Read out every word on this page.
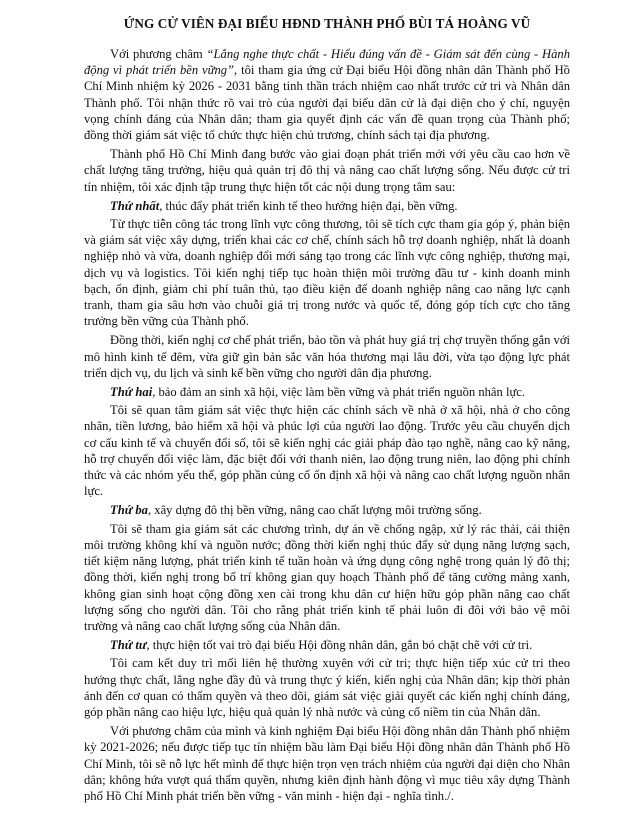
ỨNG CỬ VIÊN ĐẠI BIỂU HĐND THÀNH PHỐ BÙI TÁ HOÀNG VŨ

Với phương châm “Lắng nghe thực chất - Hiểu đúng vấn đề - Giám sát đến cùng - Hành động vì phát triển bền vững”, tôi tham gia ứng cử Đại biểu Hội đồng nhân dân Thành phố Hồ Chí Minh nhiệm kỳ 2026 - 2031 bằng tinh thần trách nhiệm cao nhất trước cử tri và Nhân dân Thành phố. Tôi nhận thức rõ vai trò của người đại biểu dân cử là đại diện cho ý chí, nguyện vọng chính đáng của Nhân dân; tham gia quyết định các vấn đề quan trọng của Thành phố; đồng thời giám sát việc tổ chức thực hiện chủ trương, chính sách tại địa phương.

Thành phố Hồ Chí Minh đang bước vào giai đoạn phát triển mới với yêu cầu cao hơn về chất lượng tăng trưởng, hiệu quả quản trị đô thị và nâng cao chất lượng sống. Nếu được cử tri tín nhiệm, tôi xác định tập trung thực hiện tốt các nội dung trọng tâm sau:

Thứ nhất, thúc đẩy phát triển kinh tế theo hướng hiện đại, bền vững.

Từ thực tiễn công tác trong lĩnh vực công thương, tôi sẽ tích cực tham gia góp ý, phản biện và giám sát việc xây dựng, triển khai các cơ chế, chính sách hỗ trợ doanh nghiệp, nhất là doanh nghiệp nhỏ và vừa, doanh nghiệp đổi mới sáng tạo trong các lĩnh vực công nghiệp, thương mại, dịch vụ và logistics. Tôi kiến nghị tiếp tục hoàn thiện môi trường đầu tư - kinh doanh minh bạch, ổn định, giảm chi phí tuân thủ, tạo điều kiện để doanh nghiệp nâng cao năng lực cạnh tranh, tham gia sâu hơn vào chuỗi giá trị trong nước và quốc tế, đóng góp tích cực cho tăng trưởng bền vững của Thành phố.

Đồng thời, kiến nghị cơ chế phát triển, bảo tồn và phát huy giá trị chợ truyền thống gắn với mô hình kinh tế đêm, vừa giữ gìn bản sắc văn hóa thương mại lâu đời, vừa tạo động lực phát triển dịch vụ, du lịch và sinh kế bền vững cho người dân địa phương.

Thứ hai, bảo đảm an sinh xã hội, việc làm bền vững và phát triển nguồn nhân lực.

Tôi sẽ quan tâm giám sát việc thực hiện các chính sách về nhà ở xã hội, nhà ở cho công nhân, tiền lương, bảo hiểm xã hội và phúc lợi của người lao động. Trước yêu cầu chuyển dịch cơ cấu kinh tế và chuyển đổi số, tôi sẽ kiến nghị các giải pháp đào tạo nghề, nâng cao kỹ năng, hỗ trợ chuyển đổi việc làm, đặc biệt đối với thanh niên, lao động trung niên, lao động phi chính thức và các nhóm yếu thế, góp phần củng cố ổn định xã hội và nâng cao chất lượng nguồn nhân lực.

Thứ ba, xây dựng đô thị bền vững, nâng cao chất lượng môi trường sống.

Tôi sẽ tham gia giám sát các chương trình, dự án về chống ngập, xử lý rác thải, cải thiện môi trường không khí và nguồn nước; đồng thời kiến nghị thúc đẩy sử dụng năng lượng sạch, tiết kiệm năng lượng, phát triển kinh tế tuần hoàn và ứng dụng công nghệ trong quản lý đô thị; đồng thời, kiến nghị trong bố trí không gian quy hoạch Thành phố để tăng cường mảng xanh, không gian sinh hoạt cộng đồng xen cài trong khu dân cư hiện hữu góp phần nâng cao chất lượng sống cho người dân. Tôi cho rằng phát triển kinh tế phải luôn đi đôi với bảo vệ môi trường và nâng cao chất lượng sống của Nhân dân.

Thứ tư, thực hiện tốt vai trò đại biểu Hội đồng nhân dân, gắn bó chặt chẽ với cử tri.

Tôi cam kết duy trì mối liên hệ thường xuyên với cử tri; thực hiện tiếp xúc cử tri theo hướng thực chất, lắng nghe đầy đủ và trung thực ý kiến, kiến nghị của Nhân dân; kịp thời phản ánh đến cơ quan có thẩm quyền và theo dõi, giám sát việc giải quyết các kiến nghị chính đáng, góp phần nâng cao hiệu lực, hiệu quả quản lý nhà nước và củng cố niềm tin của Nhân dân.

Với phương châm của mình và kinh nghiệm Đại biểu Hội đồng nhân dân Thành phố nhiệm kỳ 2021-2026; nếu được tiếp tục tín nhiệm bầu làm Đại biểu Hội đồng nhân dân Thành phố Hồ Chí Minh, tôi sẽ nỗ lực hết mình để thực hiện trọn vẹn trách nhiệm của người đại diện cho Nhân dân; không hứa vượt quá thẩm quyền, nhưng kiên định hành động vì mục tiêu xây dựng Thành phố Hồ Chí Minh phát triển bền vững - văn minh - hiện đại - nghĩa tình./.
